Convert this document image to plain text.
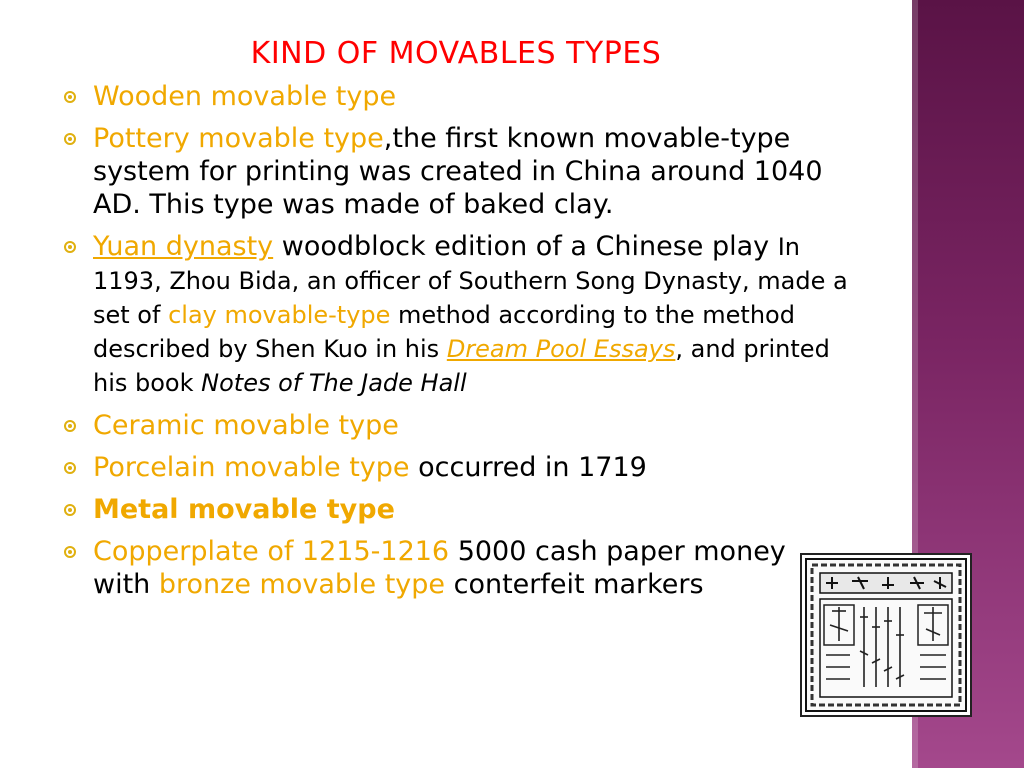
KIND OF MOVABLES TYPES
Wooden movable type
Pottery movable type,the first known movable-type system for printing was created in China around 1040 AD. This type was made of baked clay.
Yuan dynasty woodblock edition of a Chinese play In 1193, Zhou Bida, an officer of Southern Song Dynasty, made a set of clay movable-type method according to the method described by Shen Kuo in his Dream Pool Essays, and printed his book Notes of The Jade Hall
Ceramic movable type
Porcelain movable type occurred in 1719
Metal movable type
Copperplate of 1215-1216 5000 cash paper money with bronze movable type conterfeit markers
